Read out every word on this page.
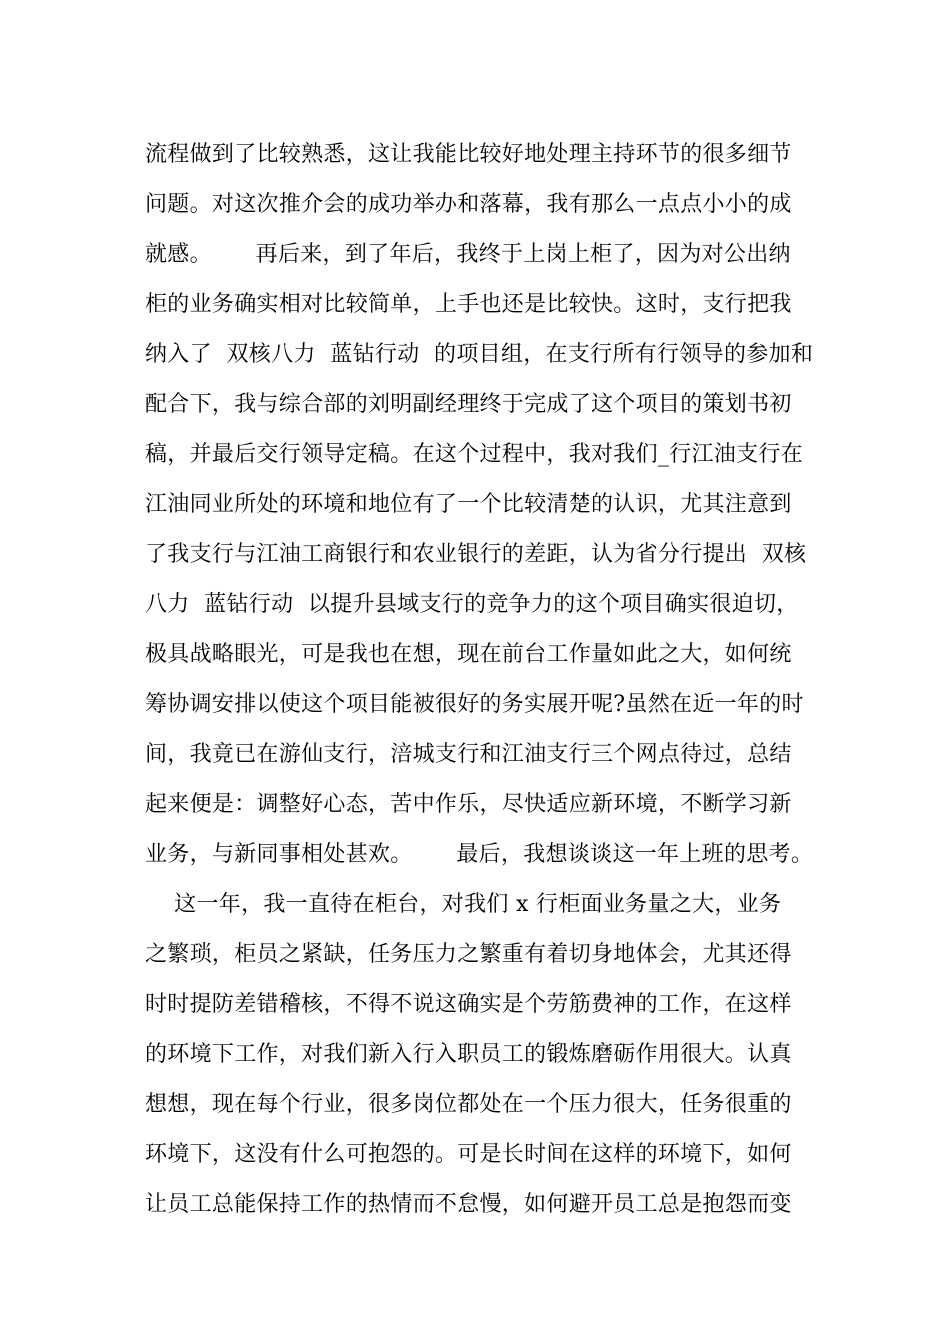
流程做到了比较熟悉，这让我能比较好地处理主持环节的很多细节
问题。对这次推介会的成功举办和落幕，我有那么一点点小小的成
就感。      再后来，到了年后，我终于上岗上柜了，因为对公出纳
柜的业务确实相对比较简单，上手也还是比较快。这时，支行把我
纳入了  双核八力  蓝钻行动  的项目组，在支行所有行领导的参加和
配合下，我与综合部的刘明副经理终于完成了这个项目的策划书初
稿，并最后交行领导定稿。在这个过程中，我对我们_行江油支行在
江油同业所处的环境和地位有了一个比较清楚的认识，尤其注意到
了我支行与江油工商银行和农业银行的差距，认为省分行提出  双核
八力  蓝钻行动  以提升县域支行的竞争力的这个项目确实很迫切，
极具战略眼光，可是我也在想，现在前台工作量如此之大，如何统
筹协调安排以使这个项目能被很好的务实展开呢?虽然在近一年的时
间，我竟已在游仙支行，涪城支行和江油支行三个网点待过，总结
起来便是：调整好心态，苦中作乐，尽快适应新环境，不断学习新
业务，与新同事相处甚欢。      最后，我想谈谈这一年上班的思考。
这一年，我一直待在柜台，对我们 x 行柜面业务量之大，业务
之繁琐，柜员之紧缺，任务压力之繁重有着切身地体会，尤其还得
时时提防差错稽核，不得不说这确实是个劳筋费神的工作，在这样
的环境下工作，对我们新入行入职员工的锻炼磨砺作用很大。认真
想想，现在每个行业，很多岗位都处在一个压力很大，任务很重的
环境下，这没有什么可抱怨的。可是长时间在这样的环境下，如何
让员工总能保持工作的热情而不怠慢，如何避开员工总是抱怨而变
